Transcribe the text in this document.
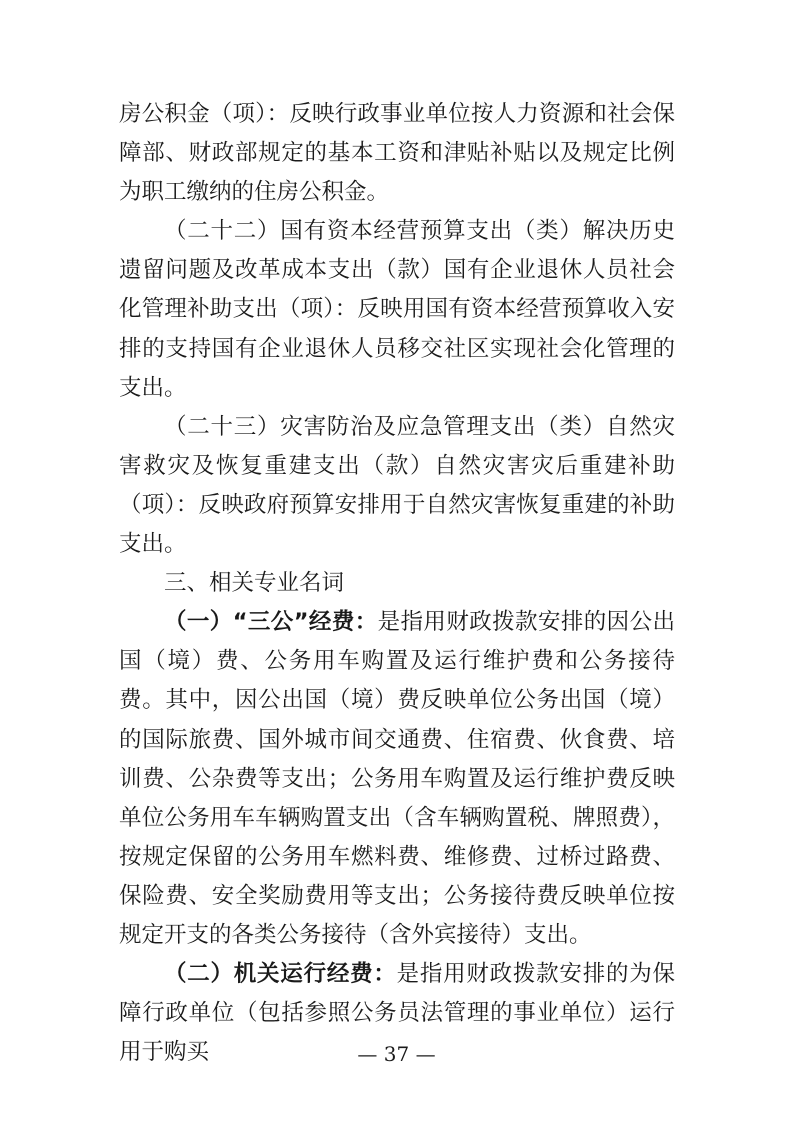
房公积金（项）：反映行政事业单位按人力资源和社会保障部、财政部规定的基本工资和津贴补贴以及规定比例为职工缴纳的住房公积金。

（二十二）国有资本经营预算支出（类）解决历史遗留问题及改革成本支出（款）国有企业退休人员社会化管理补助支出（项）：反映用国有资本经营预算收入安排的支持国有企业退休人员移交社区实现社会化管理的支出。

（二十三）灾害防治及应急管理支出（类）自然灾害救灾及恢复重建支出（款）自然灾害灾后重建补助（项）：反映政府预算安排用于自然灾害恢复重建的补助支出。

三、相关专业名词

（一）“三公”经费：是指用财政拨款安排的因公出国（境）费、公务用车购置及运行维护费和公务接待费。其中，因公出国（境）费反映单位公务出国（境）的国际旅费、国外城市间交通费、住宿费、伙食费、培训费、公杂费等支出；公务用车购置及运行维护费反映单位公务用车车辆购置支出（含车辆购置税、牌照费），按规定保留的公务用车燃料费、维修费、过桥过路费、保险费、安全奖励费用等支出；公务接待费反映单位按规定开支的各类公务接待（含外宾接待）支出。

（二）机关运行经费：是指用财政拨款安排的为保障行政单位（包括参照公务员法管理的事业单位）运行用于购买	— 37 —
